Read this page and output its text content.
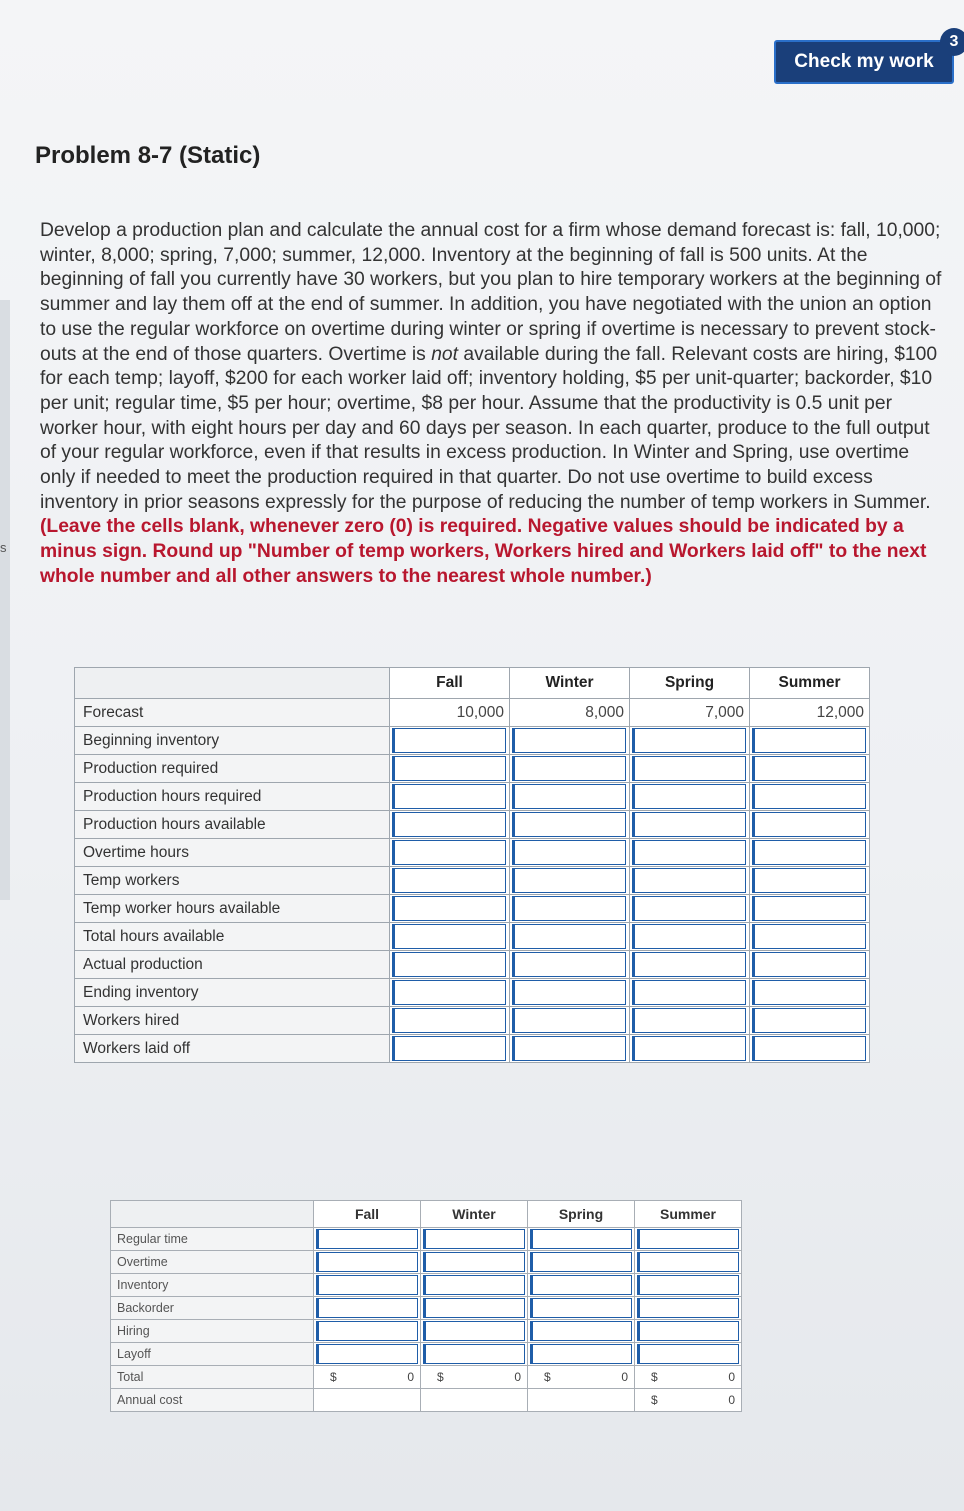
s
Check my work
3
Problem 8-7 (Static)
Develop a production plan and calculate the annual cost for a firm whose demand forecast is: fall, 10,000; winter, 8,000; spring, 7,000; summer, 12,000. Inventory at the beginning of fall is 500 units. At the beginning of fall you currently have 30 workers, but you plan to hire temporary workers at the beginning of summer and lay them off at the end of summer. In addition, you have negotiated with the union an option to use the regular workforce on overtime during winter or spring if overtime is necessary to prevent stock-outs at the end of those quarters. Overtime is not available during the fall. Relevant costs are hiring, $100 for each temp; layoff, $200 for each worker laid off; inventory holding, $5 per unit-quarter; backorder, $10 per unit; regular time, $5 per hour; overtime, $8 per hour. Assume that the productivity is 0.5 unit per worker hour, with eight hours per day and 60 days per season. In each quarter, produce to the full output of your regular workforce, even if that results in excess production. In Winter and Spring, use overtime only if needed to meet the production required in that quarter. Do not use overtime to build excess inventory in prior seasons expressly for the purpose of reducing the number of temp workers in Summer. (Leave the cells blank, whenever zero (0) is required. Negative values should be indicated by a minus sign. Round up "Number of temp workers, Workers hired and Workers laid off" to the next whole number and all other answers to the nearest whole number.)
	Fall	Winter	Spring	Summer
Forecast	10,000	8,000	7,000	12,000
Beginning inventory	

Production required	

Production hours required	

Production hours available	

Overtime hours	

Temp workers	

Temp worker hours available	

Total hours available	

Actual production	

Ending inventory	

Workers hired	

Workers laid off	

	Fall	Winter	Spring	Summer
Regular time	

Overtime	

Inventory	

Backorder	

Hiring	

Layoff	

Total	$ 0	$ 0	$ 0	$ 0

Annual cost				$ 0
